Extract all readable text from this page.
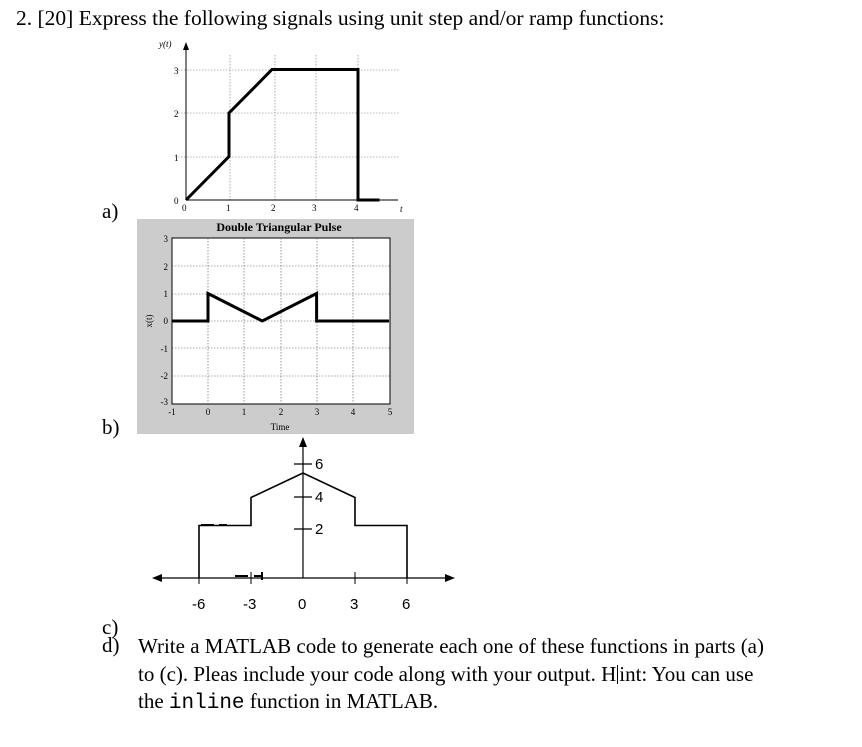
2. [20] Express the following signals using unit step and/or ramp functions:
a)
b)
c)
d) Write a MATLAB code to generate each one of these functions in parts (a)
to (c). Pleas include your code along with your output. H int: You can use
the inline function in MATLAB.
y(t)
t
0	1	2	3	4
0
1
2
3
Double Triangular Pulse
Time
x(t)
-1	0	1	2	3	4	5
3
2
1
0
-1
-2
-3
-6	-3	0	3	6
6
4
2
